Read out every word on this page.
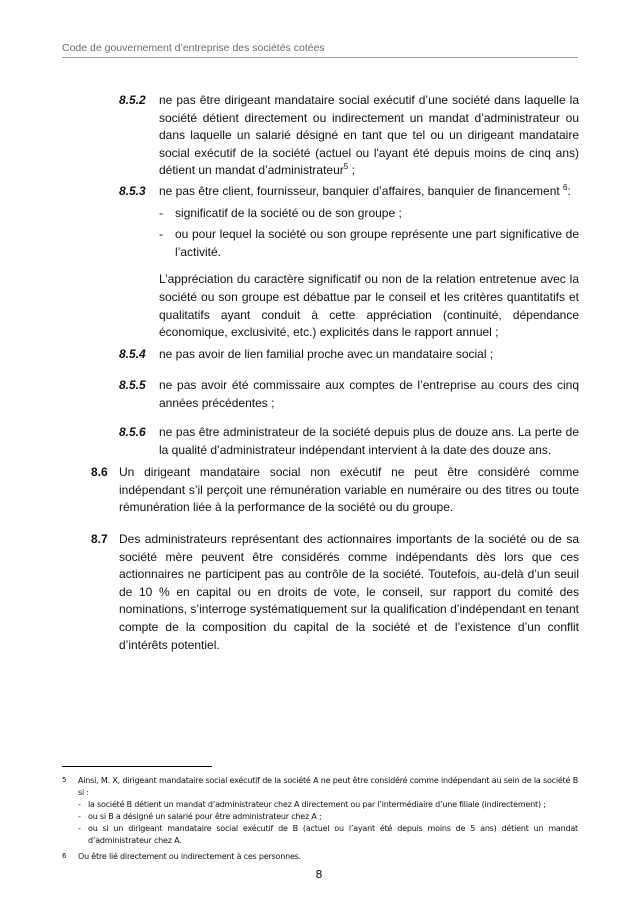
Code de gouvernement d’entreprise des sociétés cotées
8.5.2 ne pas être dirigeant mandataire social exécutif d’une société dans laquelle la société détient directement ou indirectement un mandat d’administrateur ou dans laquelle un salarié désigné en tant que tel ou un dirigeant mandataire social exécutif de la société (actuel ou l'ayant été depuis moins de cinq ans) détient un mandat d’administrateur$^5$ ;
8.5.3 ne pas être client, fournisseur, banquier d’affaires, banquier de financement $^6$:
- significatif de la société ou de son groupe ;
- ou pour lequel la société ou son groupe représente une part significative de l’activité.
L’appréciation du caractère significatif ou non de la relation entretenue avec la société ou son groupe est débattue par le conseil et les critères quantitatifs et qualitatifs ayant conduit à cette appréciation (continuité, dépendance économique, exclusivité, etc.) explicités dans le rapport annuel ;
8.5.4 ne pas avoir de lien familial proche avec un mandataire social ;
8.5.5 ne pas avoir été commissaire aux comptes de l’entreprise au cours des cinq années précédentes ;
8.5.6 ne pas être administrateur de la société depuis plus de douze ans. La perte de la qualité d’administrateur indépendant intervient à la date des douze ans.
8.6 Un dirigeant mandataire social non exécutif ne peut être considéré comme indépendant s’il perçoit une rémunération variable en numéraire ou des titres ou toute rémunération liée à la performance de la société ou du groupe.
8.7 Des administrateurs représentant des actionnaires importants de la société ou de sa société mère peuvent être considérés comme indépendants dès lors que ces actionnaires ne participent pas au contrôle de la société. Toutefois, au-delà d’un seuil de 10 % en capital ou en droits de vote, le conseil, sur rapport du comité des nominations, s’interroge systématiquement sur la qualification d’indépendant en tenant compte de la composition du capital de la société et de l’existence d’un conflit d’intérêts potentiel.
5 Ainsi, M. X, dirigeant mandataire social exécutif de la société A ne peut être considéré comme indépendant au sein de la société B si :
- la société B détient un mandat d’administrateur chez A directement ou par l’intermédiaire d’une filiale (indirectement) ;
- ou si B a désigné un salarié pour être administrateur chez A ;
- ou si un dirigeant mandataire social exécutif de B (actuel ou l’ayant été depuis moins de 5 ans) détient un mandat d’administrateur chez A.
6 Ou être lié directement ou indirectement à ces personnes.
8
